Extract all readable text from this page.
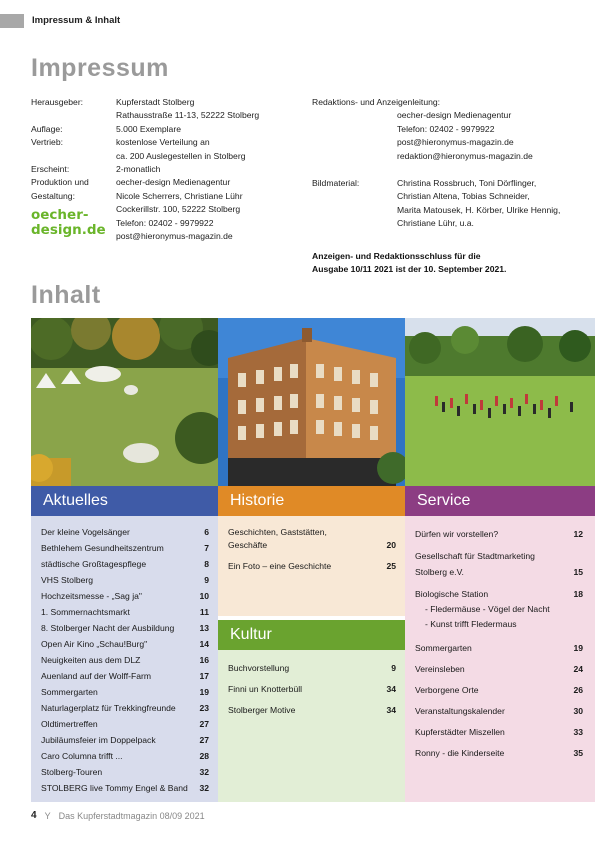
Impressum & Inhalt
Impressum
Herausgeber:	Kupferstadt Stolberg
Rathausstraße 11-13, 52222 Stolberg
Auflage:	5.000 Exemplare
Vertrieb:	kostenlose Verteilung an
ca. 200 Auslegestellen in Stolberg
Erscheint:	2-monatlich
Produktion und
Gestaltung:
oecher-design Medienagentur
Nicole Scherrers, Christiane Lühr
Cockerillstr. 100, 52222 Stolberg
Telefon: 02402 - 9979922
post@hieronymus-magazin.de
oecher-
design.de
Redaktions- und Anzeigenleitung:
oecher-design Medienagentur
Telefon: 02402 - 9979922
post@hieronymus-magazin.de
redaktion@hieronymus-magazin.de
Bildmaterial:	Christina Rossbruch, Toni Dörflinger,
Christian Altena, Tobias Schneider,
Marita Matousek, H. Körber, Ulrike Hennig,
Christiane Lühr, u.a.
Anzeigen- und Redaktionsschluss für die
Ausgabe 10/11 2021 ist der 10. September 2021.
Inhalt
Aktuelles
Der kleine Vogelsänger	6
Bethlehem Gesundheitszentrum	7
städtische Großtagespflege	8
VHS Stolberg	9
Hochzeitsmesse - „Sag ja"	10
1. Sommernachtsmarkt	11
8. Stolberger Nacht der Ausbildung	13
Open Air Kino „Schau!Burg"	14
Neuigkeiten aus dem DLZ	16
Auenland auf der Wolff-Farm	17
Sommergarten	19
Naturlagerplatz für Trekkingfreunde	23
Oldtimertreffen	27
Jubiläumsfeier im Doppelpack	27
Caro Columna trifft ...	28
Stolberg-Touren	32
STOLBERG live Tommy Engel & Band	32
Historie
Geschichten, Gaststätten,
Geschäfte	20
Ein Foto – eine Geschichte	25
Kultur
Buchvorstellung	9
Finni un Knotterbüll	34
Stolberger Motive	34
Service
Dürfen wir vorstellen?	12
Gesellschaft für Stadtmarketing
Stolberg e.V.	15
Biologische Station	18
- Fledermäuse - Vögel der Nacht
- Kunst trifft Fledermaus
Sommergarten	19
Vereinsleben	24
Verborgene Orte	26
Veranstaltungskalender	30
Kupferstädter Miszellen	33
Ronny - die Kinderseite	35
4 Y Das Kupferstadtmagazin 08/09 2021
